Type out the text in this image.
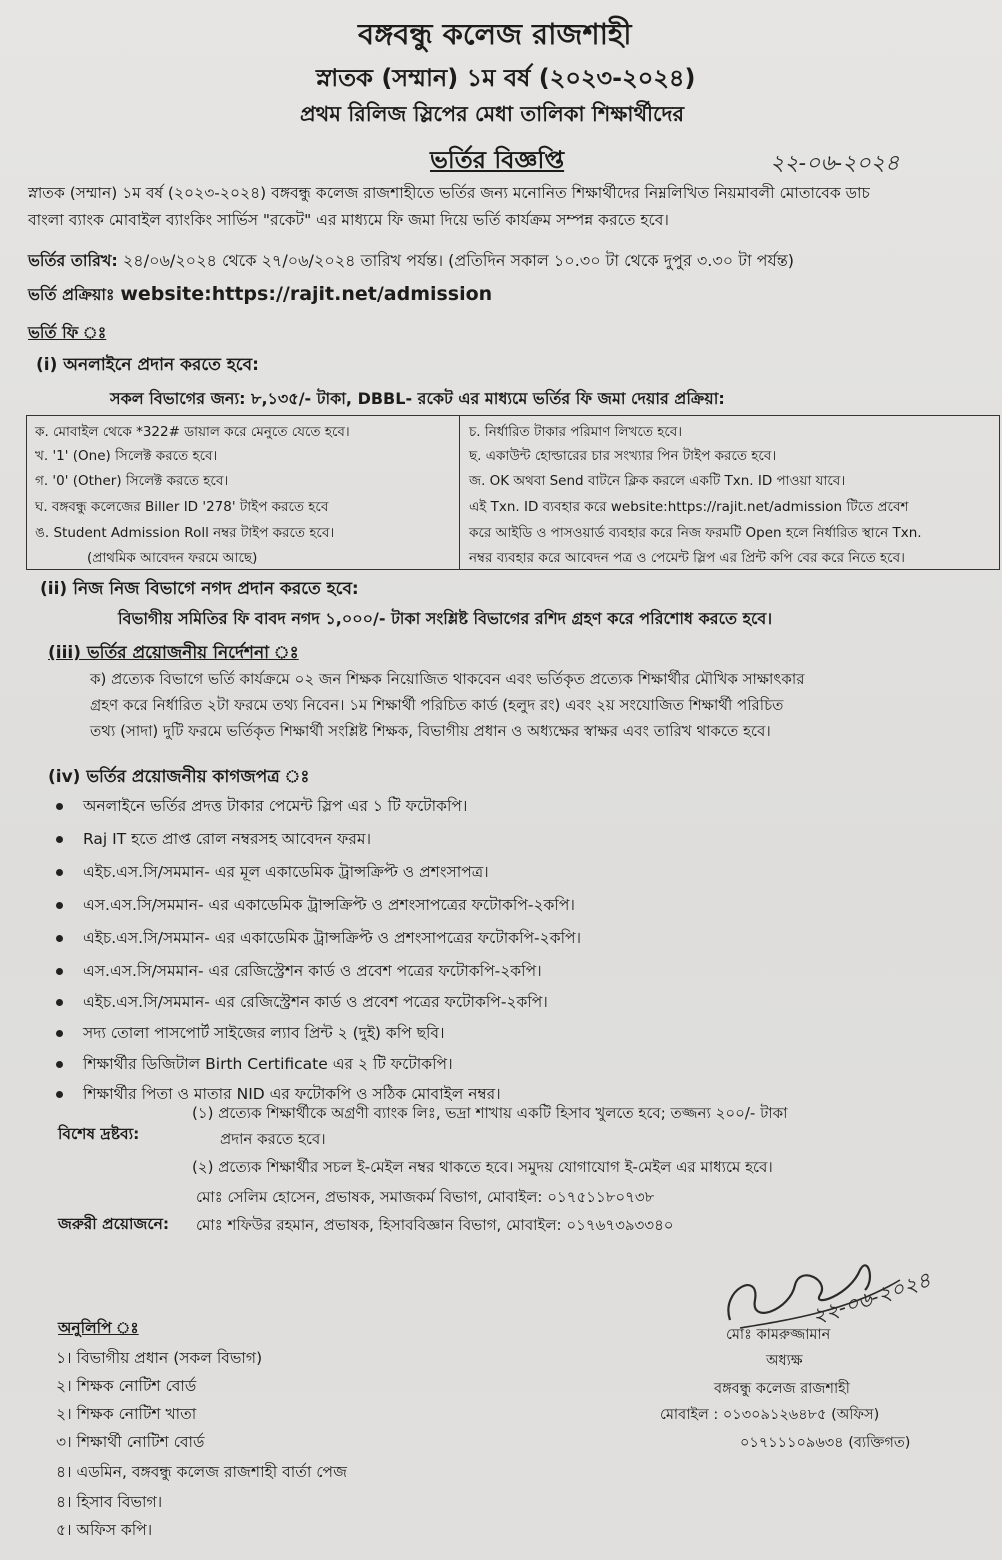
বঙ্গবন্ধু কলেজ রাজশাহী
স্নাতক (সম্মান) ১ম বর্ষ (২০২৩-২০২৪)
প্রথম রিলিজ স্লিপের মেধা তালিকা শিক্ষার্থীদের
ভর্তির বিজ্ঞপ্তি	২২-০৬-২০২৪
স্নাতক (সম্মান) ১ম বর্ষ (২০২৩-২০২৪) বঙ্গবন্ধু কলেজ রাজশাহীতে ভর্তির জন্য মনোনিত শিক্ষার্থীদের নিম্নলিখিত নিয়মাবলী মোতাবেক ডাচ
বাংলা ব্যাংক মোবাইল ব্যাংকিং সার্ভিস "রকেট" এর মাধ্যমে ফি জমা দিয়ে ভর্তি কার্যক্রম সম্পন্ন করতে হবে।
ভর্তির তারিখ: ২৪/০৬/২০২৪ থেকে ২৭/০৬/২০২৪ তারিখ পর্যন্ত। (প্রতিদিন সকাল ১০.৩০ টা থেকে দুপুর ৩.৩০ টা পর্যন্ত)
ভর্তি প্রক্রিয়াঃ website:https://rajit.net/admission
ভর্তি ফি ঃ
(i) অনলাইনে প্রদান করতে হবে:
সকল বিভাগের জন্য: ৮,১৩৫/- টাকা, DBBL- রকেট এর মাধ্যমে ভর্তির ফি জমা দেয়ার প্রক্রিয়া:
ক. মোবাইল থেকে *322# ডায়াল করে মেনুতে যেতে হবে।
খ. '1' (One) সিলেক্ট করতে হবে।
গ. '0' (Other) সিলেক্ট করতে হবে।
ঘ. বঙ্গবন্ধু কলেজের Biller ID '278' টাইপ করতে হবে
ঙ. Student Admission Roll নম্বর টাইপ করতে হবে।
(প্রাথমিক আবেদন ফরমে আছে)
চ. নির্ধারিত টাকার পরিমাণ লিখতে হবে।
ছ. একাউন্ট হোল্ডারের চার সংখ্যার পিন টাইপ করতে হবে।
জ. OK অথবা Send বাটনে ক্লিক করলে একটি Txn. ID পাওয়া যাবে।
এই Txn. ID ব্যবহার করে website:https://rajit.net/admission টিতে প্রবেশ
করে আইডি ও পাসওয়ার্ড ব্যবহার করে নিজ ফরমটি Open হলে নির্ধারিত স্থানে Txn.
নম্বর ব্যবহার করে আবেদন পত্র ও পেমেন্ট স্লিপ এর প্রিন্ট কপি বের করে নিতে হবে।
(ii) নিজ নিজ বিভাগে নগদ প্রদান করতে হবে:
বিভাগীয় সমিতির ফি বাবদ নগদ ১,০০০/- টাকা সংশ্লিষ্ট বিভাগের রশিদ গ্রহণ করে পরিশোধ করতে হবে।
(iii) ভর্তির প্রয়োজনীয় নির্দেশনা ঃ
ক) প্রত্যেক বিভাগে ভর্তি কার্যক্রমে ০২ জন শিক্ষক নিয়োজিত থাকবেন এবং ভর্তিকৃত প্রত্যেক শিক্ষার্থীর মৌখিক সাক্ষাৎকার
গ্রহণ করে নির্ধারিত ২টা ফরমে তথ্য নিবেন। ১ম শিক্ষার্থী পরিচিত কার্ড (হলুদ রং) এবং ২য় সংযোজিত শিক্ষার্থী পরিচিত
তথ্য (সাদা) দুটি ফরমে ভর্তিকৃত শিক্ষার্থী সংশ্লিষ্ট শিক্ষক, বিভাগীয় প্রধান ও অধ্যক্ষের স্বাক্ষর এবং তারিখ থাকতে হবে।
(iv) ভর্তির প্রয়োজনীয় কাগজপত্র ঃ
অনলাইনে ভর্তির প্রদত্ত টাকার পেমেন্ট স্লিপ এর ১ টি ফটোকপি।
Raj IT হতে প্রাপ্ত রোল নম্বরসহ আবেদন ফরম।
এইচ.এস.সি/সমমান- এর মূল একাডেমিক ট্রান্সক্রিপ্ট ও প্রশংসাপত্র।
এস.এস.সি/সমমান- এর একাডেমিক ট্রান্সক্রিপ্ট ও প্রশংসাপত্রের ফটোকপি-২কপি।
এইচ.এস.সি/সমমান- এর একাডেমিক ট্রান্সক্রিপ্ট ও প্রশংসাপত্রের ফটোকপি-২কপি।
এস.এস.সি/সমমান- এর রেজিস্ট্রেশন কার্ড ও প্রবেশ পত্রের ফটোকপি-২কপি।
এইচ.এস.সি/সমমান- এর রেজিস্ট্রেশন কার্ড ও প্রবেশ পত্রের ফটোকপি-২কপি।
সদ্য তোলা পাসপোর্ট সাইজের ল্যাব প্রিন্ট ২ (দুই) কপি ছবি।
শিক্ষার্থীর ডিজিটাল Birth Certificate এর ২ টি ফটোকপি।
শিক্ষার্থীর পিতা ও মাতার NID এর ফটোকপি ও সঠিক মোবাইল নম্বর।
বিশেষ দ্রষ্টব্য:
(১) প্রত্যেক শিক্ষার্থীকে অগ্রণী ব্যাংক লিঃ, ভদ্রা শাখায় একটি হিসাব খুলতে হবে; তজ্জন্য ২০০/- টাকা
প্রদান করতে হবে।
(২) প্রত্যেক শিক্ষার্থীর সচল ই-মেইল নম্বর থাকতে হবে। সমুদয় যোগাযোগ ই-মেইল এর মাধ্যমে হবে।
জরুরী প্রয়োজনে:
মোঃ সেলিম হোসেন, প্রভাষক, সমাজকর্ম বিভাগ, মোবাইল: ০১৭৫১১৮০৭৩৮
মোঃ শফিউর রহমান, প্রভাষক, হিসাববিজ্ঞান বিভাগ, মোবাইল: ০১৭৬৭৩৯৩৩৪০
২২-০৬-২০২৪
মোঃ কামরুজ্জামান
অধ্যক্ষ
বঙ্গবন্ধু কলেজ রাজশাহী
মোবাইল : ০১৩০৯১২৬৪৮৫ (অফিস)
০১৭১১১০৯৬৩৪ (ব্যক্তিগত)
অনুলিপি ঃ
১। বিভাগীয় প্রধান (সকল বিভাগ)
২। শিক্ষক নোটিশ বোর্ড
২। শিক্ষক নোটিশ খাতা
৩। শিক্ষার্থী নোটিশ বোর্ড
৪। এডমিন, বঙ্গবন্ধু কলেজ রাজশাহী বার্তা পেজ
৪। হিসাব বিভাগ।
৫। অফিস কপি।
